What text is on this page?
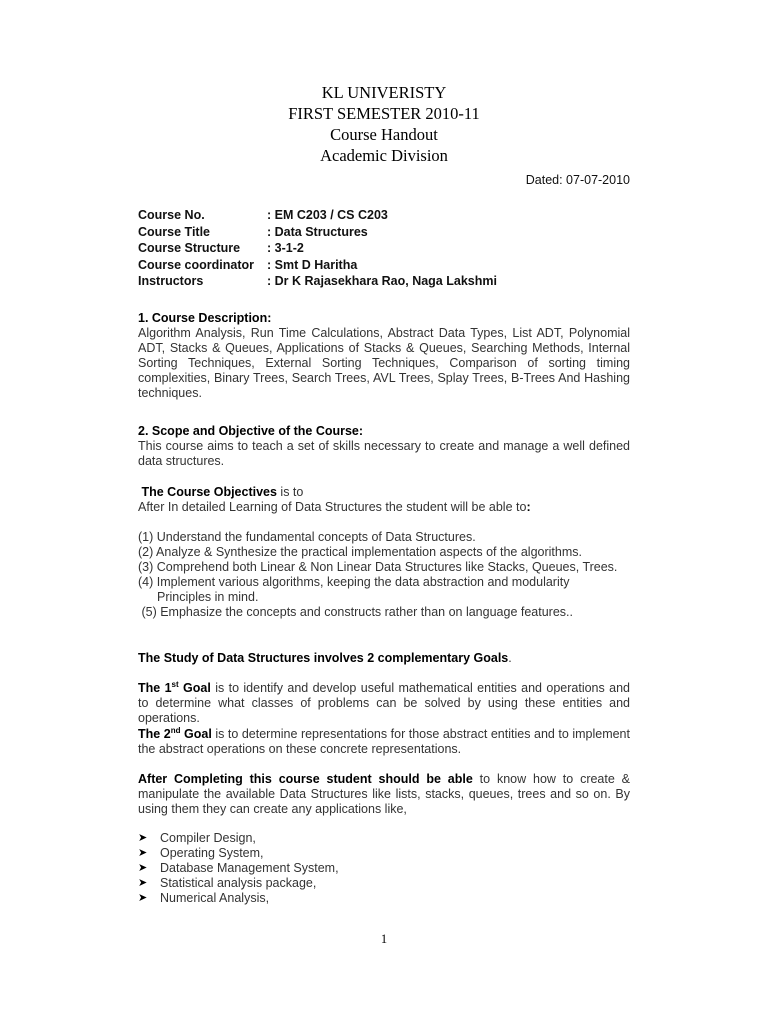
KL UNIVERISTY
FIRST SEMESTER 2010-11
Course Handout
Academic Division
Dated: 07-07-2010
Course No.	: EM C203 / CS C203
Course Title	: Data Structures
Course Structure	: 3-1-2
Course coordinator	: Smt D Haritha
Instructors	: Dr K Rajasekhara Rao, Naga Lakshmi
1. Course Description:
Algorithm Analysis, Run Time Calculations, Abstract Data Types, List ADT, Polynomial ADT, Stacks & Queues, Applications of Stacks & Queues, Searching Methods, Internal Sorting Techniques, External Sorting Techniques, Comparison of sorting timing complexities, Binary Trees, Search Trees, AVL Trees, Splay Trees, B-Trees And Hashing techniques.
2. Scope and Objective of the Course:
This course aims to teach a set of skills necessary to create and manage a well defined data structures.
The Course Objectives is to
After In detailed Learning of Data Structures the student will be able to:
(1) Understand the fundamental concepts of Data Structures.
(2) Analyze & Synthesize the practical implementation aspects of the algorithms.
(3) Comprehend both Linear & Non Linear Data Structures like Stacks, Queues, Trees.
(4) Implement various algorithms, keeping the data abstraction and modularity
Principles in mind.
(5) Emphasize the concepts and constructs rather than on language features..
The Study of Data Structures involves 2 complementary Goals.
The 1st Goal is to identify and develop useful mathematical entities and operations and to determine what classes of problems can be solved by using these entities and operations.
The 2nd Goal is to determine representations for those abstract entities and to implement the abstract operations on these concrete representations.
After Completing this course student should be able to know how to create & manipulate the available Data Structures like lists, stacks, queues, trees and so on. By using them they can create any applications like,
➤	Compiler Design,
➤	Operating System,
➤	Database Management System,
➤	Statistical analysis package,
➤	Numerical Analysis,
1
